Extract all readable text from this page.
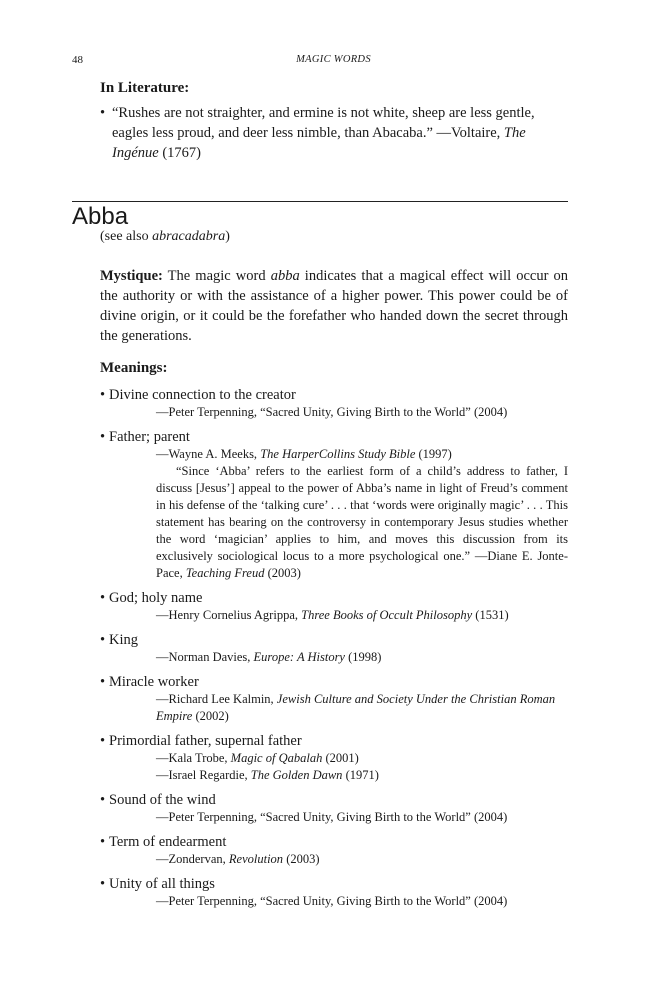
48	MAGIC WORDS
In Literature:
• “Rushes are not straighter, and ermine is not white, sheep are less gentle, eagles less proud, and deer less nimble, than Abacaba.” —Voltaire, The Ingénue (1767)
Abba
(see also abracadabra)
Mystique: The magic word abba indicates that a magical effect will occur on the authority or with the assistance of a higher power. This power could be of divine origin, or it could be the forefather who handed down the secret through the generations.
Meanings:
• Divine connection to the creator
—Peter Terpenning, “Sacred Unity, Giving Birth to the World” (2004)
• Father; parent
—Wayne A. Meeks, The HarperCollins Study Bible (1997)
“Since ‘Abba’ refers to the earliest form of a child’s address to father, I discuss [Jesus’] appeal to the power of Abba’s name in light of Freud’s comment in his defense of the ‘talking cure’ . . . that ‘words were originally magic’ . . . This statement has bearing on the controversy in contemporary Jesus studies whether the word ‘magician’ applies to him, and moves this discussion from its exclusively sociological locus to a more psychological one.” —Diane E. Jonte-Pace, Teaching Freud (2003)
• God; holy name
—Henry Cornelius Agrippa, Three Books of Occult Philosophy (1531)
• King
—Norman Davies, Europe: A History (1998)
• Miracle worker
—Richard Lee Kalmin, Jewish Culture and Society Under the Christian Roman Empire (2002)
• Primordial father, supernal father
—Kala Trobe, Magic of Qabalah (2001)
—Israel Regardie, The Golden Dawn (1971)
• Sound of the wind
—Peter Terpenning, “Sacred Unity, Giving Birth to the World” (2004)
• Term of endearment
—Zondervan, Revolution (2003)
• Unity of all things
—Peter Terpenning, “Sacred Unity, Giving Birth to the World” (2004)
